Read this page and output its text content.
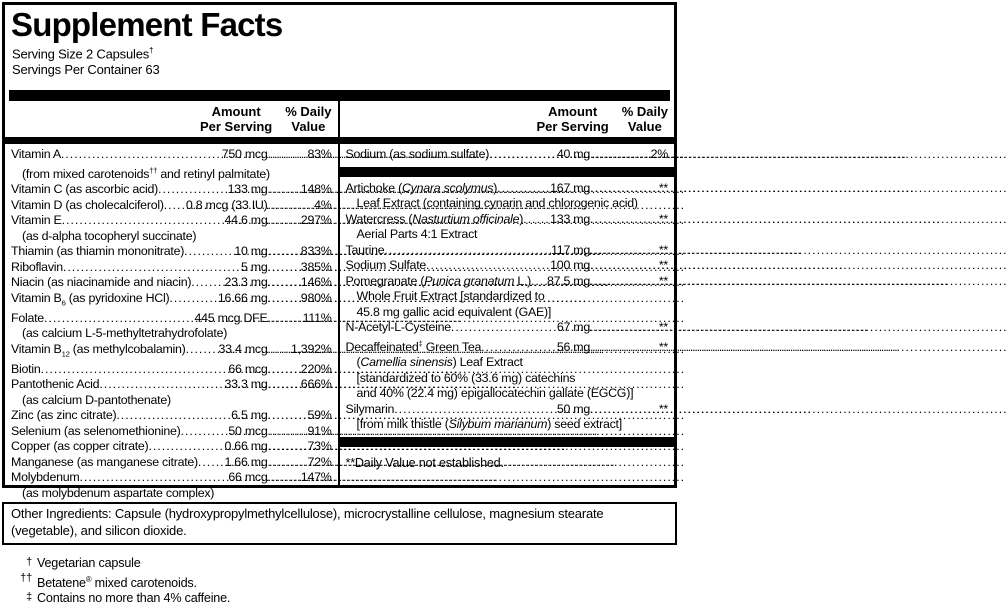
Supplement Facts
Serving Size 2 Capsules†
Servings Per Container 63
Amount
Per Serving
% Daily
Value
Vitamin A .....	750 mcg .....	83%
(from mixed carotenoids†† and retinyl palmitate)
Vitamin C (as ascorbic acid) .....	133 mg .....	148%
Vitamin D (as cholecalciferol) ..... 0.8 mcg (33 IU) .....	4%
Vitamin E .....	44.6 mg .....	297%
(as d-alpha tocopheryl succinate)
Thiamin (as thiamin mononitrate) .....	10 mg .....	833%
Riboflavin .....	5 mg .....	385%
Niacin (as niacinamide and niacin) .....	23.3 mg .....	146%
Vitamin $B_6$ (as pyridoxine HCl) .....	16.66 mg .....	980%
Folate .....	445 mcg DFE .....	111%
(as calcium L-5-methyltetrahydrofolate)
Vitamin $B_{12}$ (as methylcobalamin) .....	33.4 mcg ..... 1,392%
Biotin .....	66 mcg .....	220%
Pantothenic Acid .....	33.3 mg .....	666%
(as calcium D-pantothenate)
Zinc (as zinc citrate) .....	6.5 mg .....	59%
Selenium (as selenomethionine) .....	50 mcg .....	91%
Copper (as copper citrate) .....	0.66 mg .....	73%
Manganese (as manganese citrate) ..... 1.66 mg .....	72%
Molybdenum .....	66 mcg .....	147%
(as molybdenum aspartate complex)
Amount
Per Serving
% Daily
Value
Sodium (as sodium sulfate) .....	40 mg .....	2%
Artichoke (Cynara scolymus) .....	167 mg .....	**
Leaf Extract (containing cynarin and chlorogenic acid)
Watercress (Nasturtium officinale) ..... 133 mg .....	**
Aerial Parts 4:1 Extract
Taurine .....	117 mg .....	**
Sodium Sulfate .....	100 mg .....	**
Pomegranate (Punica granatum L.) ..... 87.5 mg .....	**
Whole Fruit Extract [standardized to
45.8 mg gallic acid equivalent (GAE)]
N-Acetyl-L-Cysteine .....	67 mg .....	**
Decaffeinated‡ Green Tea .....	56 mg .....	**
(Camellia sinensis) Leaf Extract
[standardized to 60% (33.6 mg) catechins
and 40% (22.4 mg) epigallocatechin gallate (EGCG)]
Silymarin .....	50 mg .....	**
[from milk thistle (Silybum marianum) seed extract]
**Daily Value not established.
Other Ingredients: Capsule (hydroxypropylmethylcellulose), microcrystalline cellulose, magnesium stearate (vegetable), and silicon dioxide.
† Vegetarian capsule
†† Betatene® mixed carotenoids.
‡ Contains no more than 4% caffeine.
